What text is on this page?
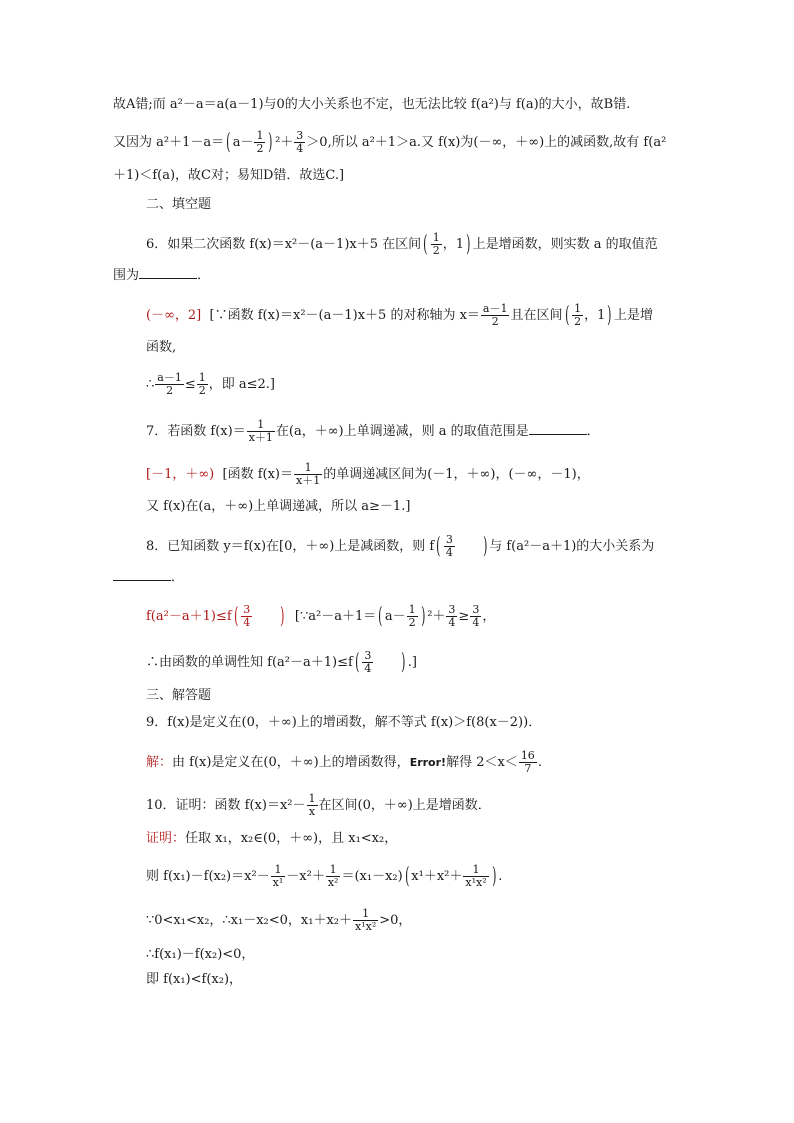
故A错;而 a²－a＝a(a－1)与0的大小关系也不定，也无法比较 f(a²)与 f(a)的大小，故B错.
又因为 a²＋1－a＝( $a- \frac{1}{2}$ ) $^2+ \frac{3}{4} >0$,所以 a²＋1＞a.又 f(x)为(－∞，＋∞)上的减函数,故有 f(a²
＋1)＜f(a)，故C对；易知D错．故选C.]
二、填空题
6．如果二次函数 f(x)＝x²－(a－1)x＋5 在区间( $\frac{1}{2}$ ，1) 上是增函数，则实数 a 的取值范
围为	．
(－∞，2] [∵函数 f(x)＝x²－(a－1)x＋5 的对称轴为 $x= \frac{a-1}{2}$ 且在区间( $\frac{1}{2}$ ，1) 上是增
函数,
∴ $\frac{a-1}{2} \le \frac{1}{2}$ ，即 a≤2.]
7．若函数 $f(x)= \frac{1}{x+1}$ 在(a，＋∞)上单调递减，则 a 的取值范围是	．
[－1，＋∞) [函数 $f(x)= \frac{1}{x+1}$ 的单调递减区间为(－1，＋∞)，(－∞，－1)，
又 f(x)在(a，＋∞)上单调递减，所以 a≥－1.]
8．已知函数 y＝f(x)在[0，＋∞)上是减函数，则 $f( \frac{3}{4}$ ) 与 f(a²－a＋1)的大小关系为
．
$f(a^2-a+1)\le f( \frac{3}{4}$ ) [∵a²－a＋1＝( $a- \frac{1}{2}$ ) $^2+ \frac{3}{4} \ge \frac{3}{4}$ ，
∴由函数的单调性知 $f(a^2-a+1)\le f( \frac{3}{4}$ ) .]
三、解答题
9．f(x)是定义在(0，＋∞)上的增函数，解不等式 f(x)＞f(8(x－2))．
解：由 f(x)是定义在(0，＋∞)上的增函数得，Error!解得 $2<x< \frac{16}{7}$ .
10．证明：函数 $f(x)=x^2- \frac{1}{x}$ 在区间(0，＋∞)上是增函数．
证明：任取 x₁，x₂∈(0，＋∞)，且 x₁<x₂，
则 $f(x_1)-f(x_2)=x^2- \frac{1}{\text{x¹}} -x^2+ \frac{1}{\text{x²}} =(x_1-x_2)$( $x^1+x^2+ \frac{1}{\text{x¹x²}}$ ) .
∵0<x₁<x₂，∴x₁－x₂<0，$x_1+x_2+ \frac{1}{\text{x¹x²}} >0$，
∴f(x₁)－f(x₂)<0，
即 f(x₁)<f(x₂)，
